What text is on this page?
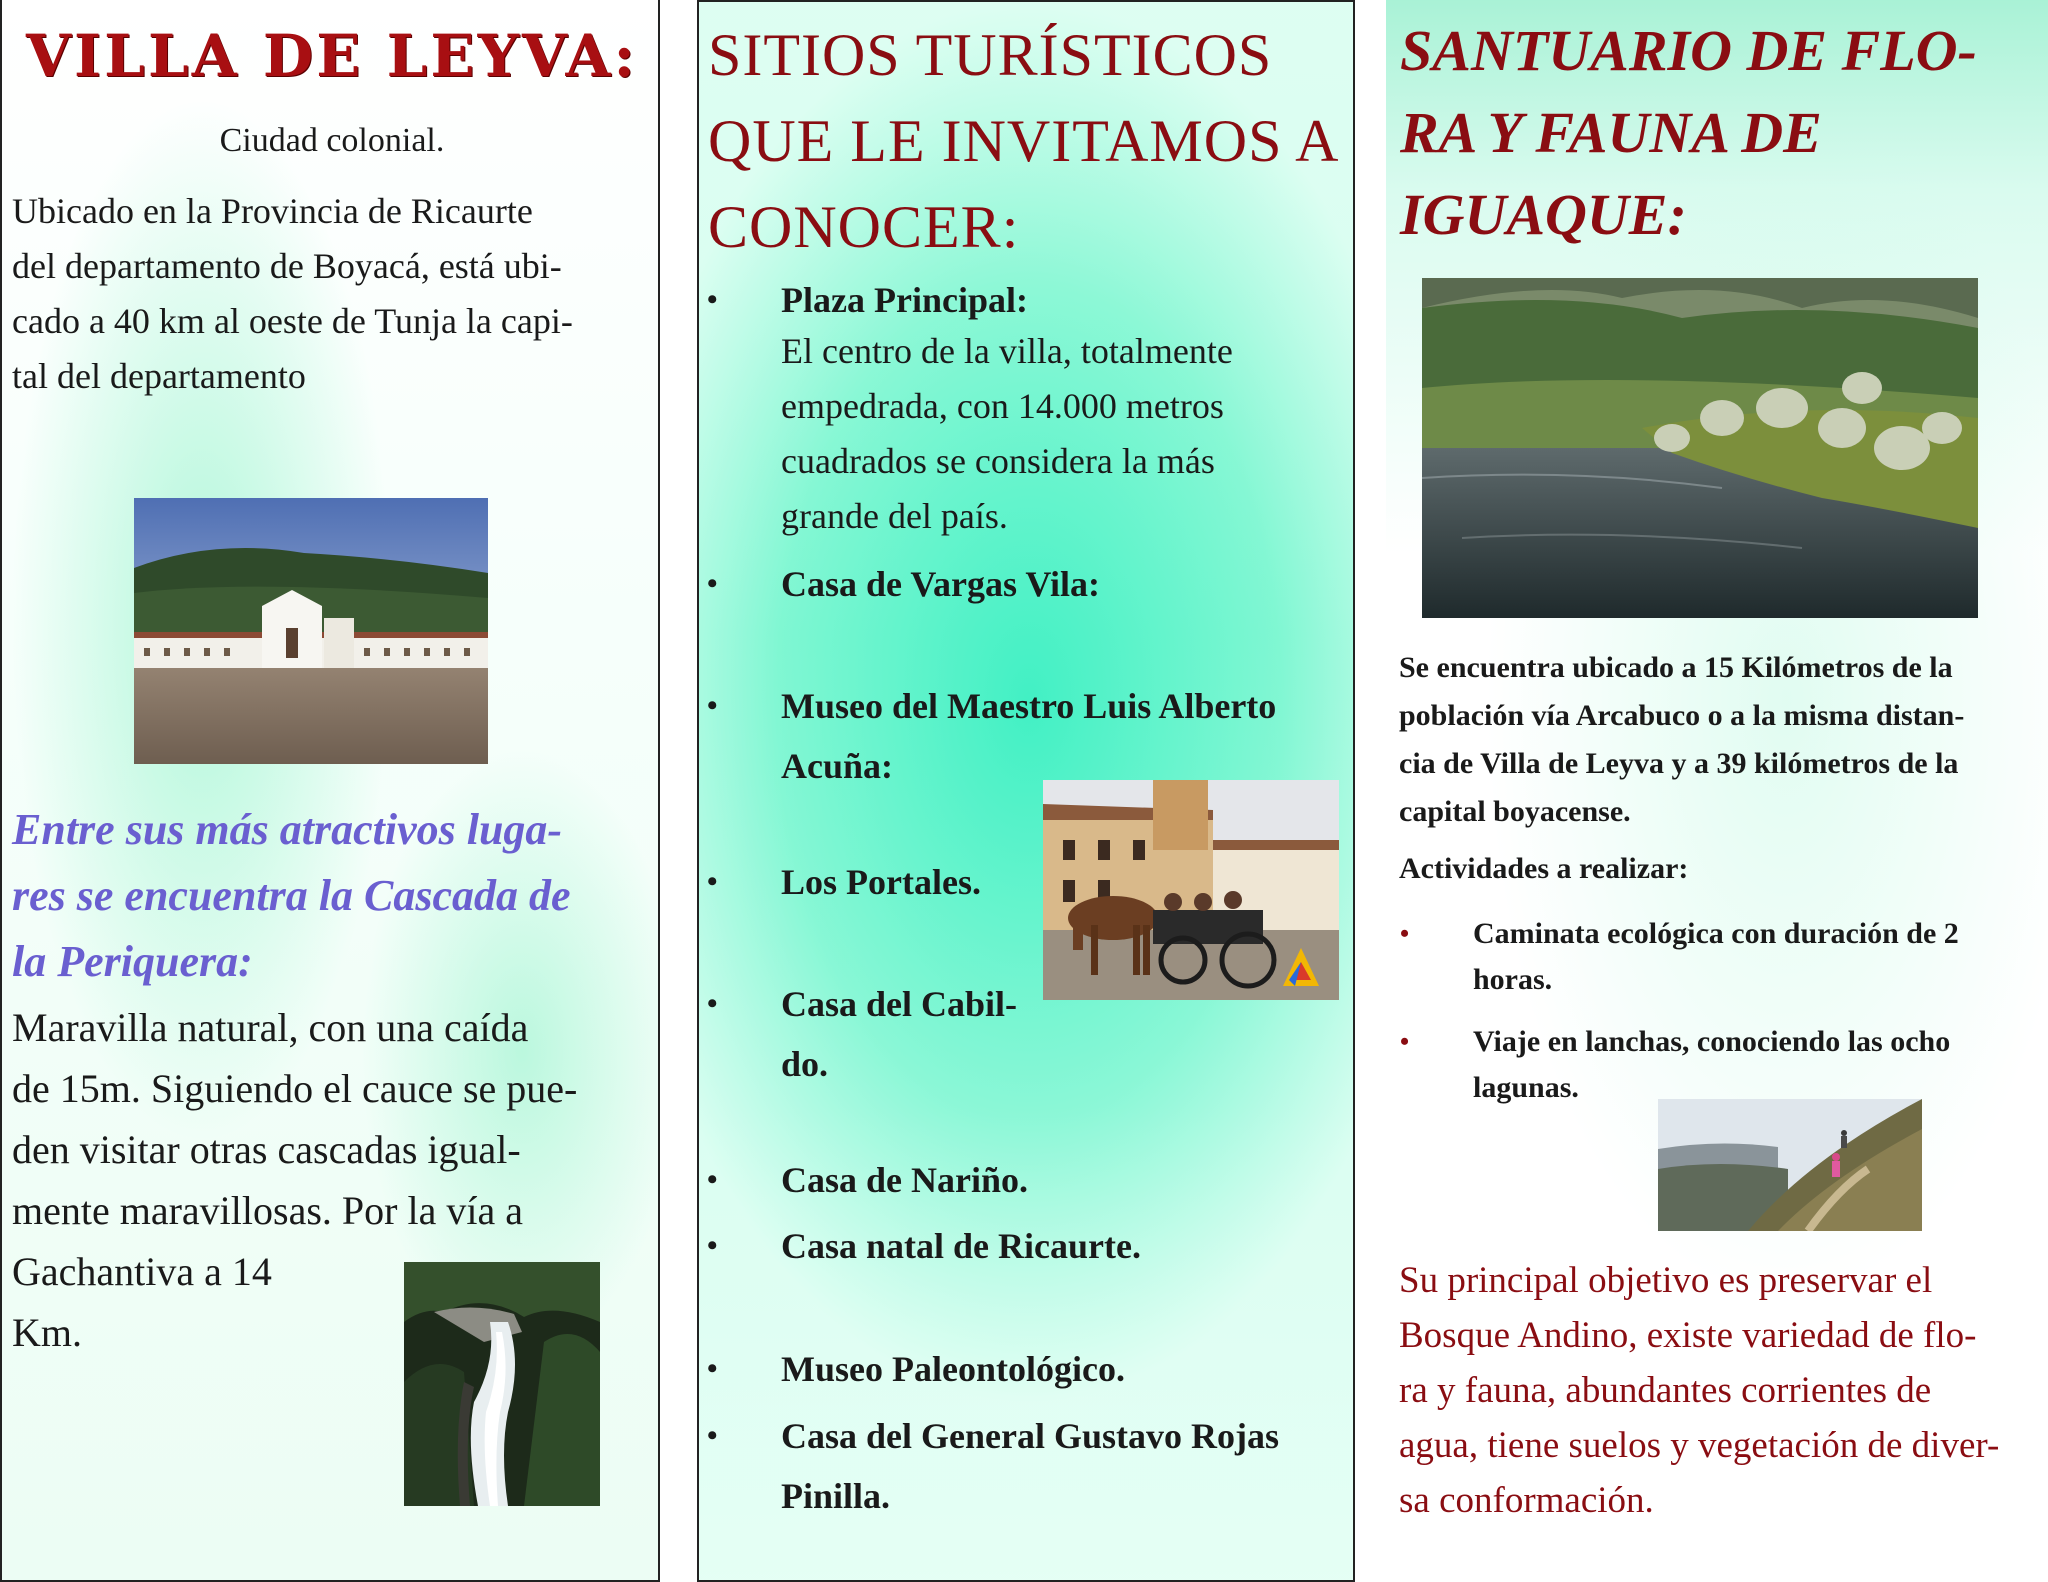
VILLA DE LEYVA:
Ciudad colonial.
Ubicado en la Provincia de Ricaurte
del departamento de Boyacá, está ubi-
cado a 40 km al oeste de Tunja la capi-
tal del departamento
Entre sus más atractivos luga-
res se encuentra la Cascada de
la Periquera:
Maravilla natural, con una caída
de 15m. Siguiendo el cauce se pue-
den visitar otras cascadas igual-
mente maravillosas. Por la vía a
Gachantiva a 14
Km.
SITIOS TURÍSTICOS
QUE LE INVITAMOS A
CONOCER:
• Plaza Principal:
• Casa de Vargas Vila:
• Museo del Maestro Luis Alberto
Acuña:
• Los Portales.
• Casa del Cabil-
do.
• Casa de Nariño.
• Casa natal de Ricaurte.
• Museo Paleontológico.
• Casa del General Gustavo Rojas
Pinilla.
El centro de la villa, totalmente
empedrada, con 14.000 metros
cuadrados se considera la más
grande del país.
SANTUARIO DE FLO-
RA Y FAUNA DE
IGUAQUE:
Se encuentra ubicado a 15 Kilómetros de la
población vía Arcabuco o a la misma distan-
cia de Villa de Leyva y a 39 kilómetros de la
capital boyacense.
Actividades a realizar:
• Caminata ecológica con duración de 2
horas.
• Viaje en lanchas, conociendo las ocho
lagunas.
Su principal objetivo es preservar el
Bosque Andino, existe variedad de flo-
ra y fauna, abundantes corrientes de
agua, tiene suelos y vegetación de diver-
sa conformación.
